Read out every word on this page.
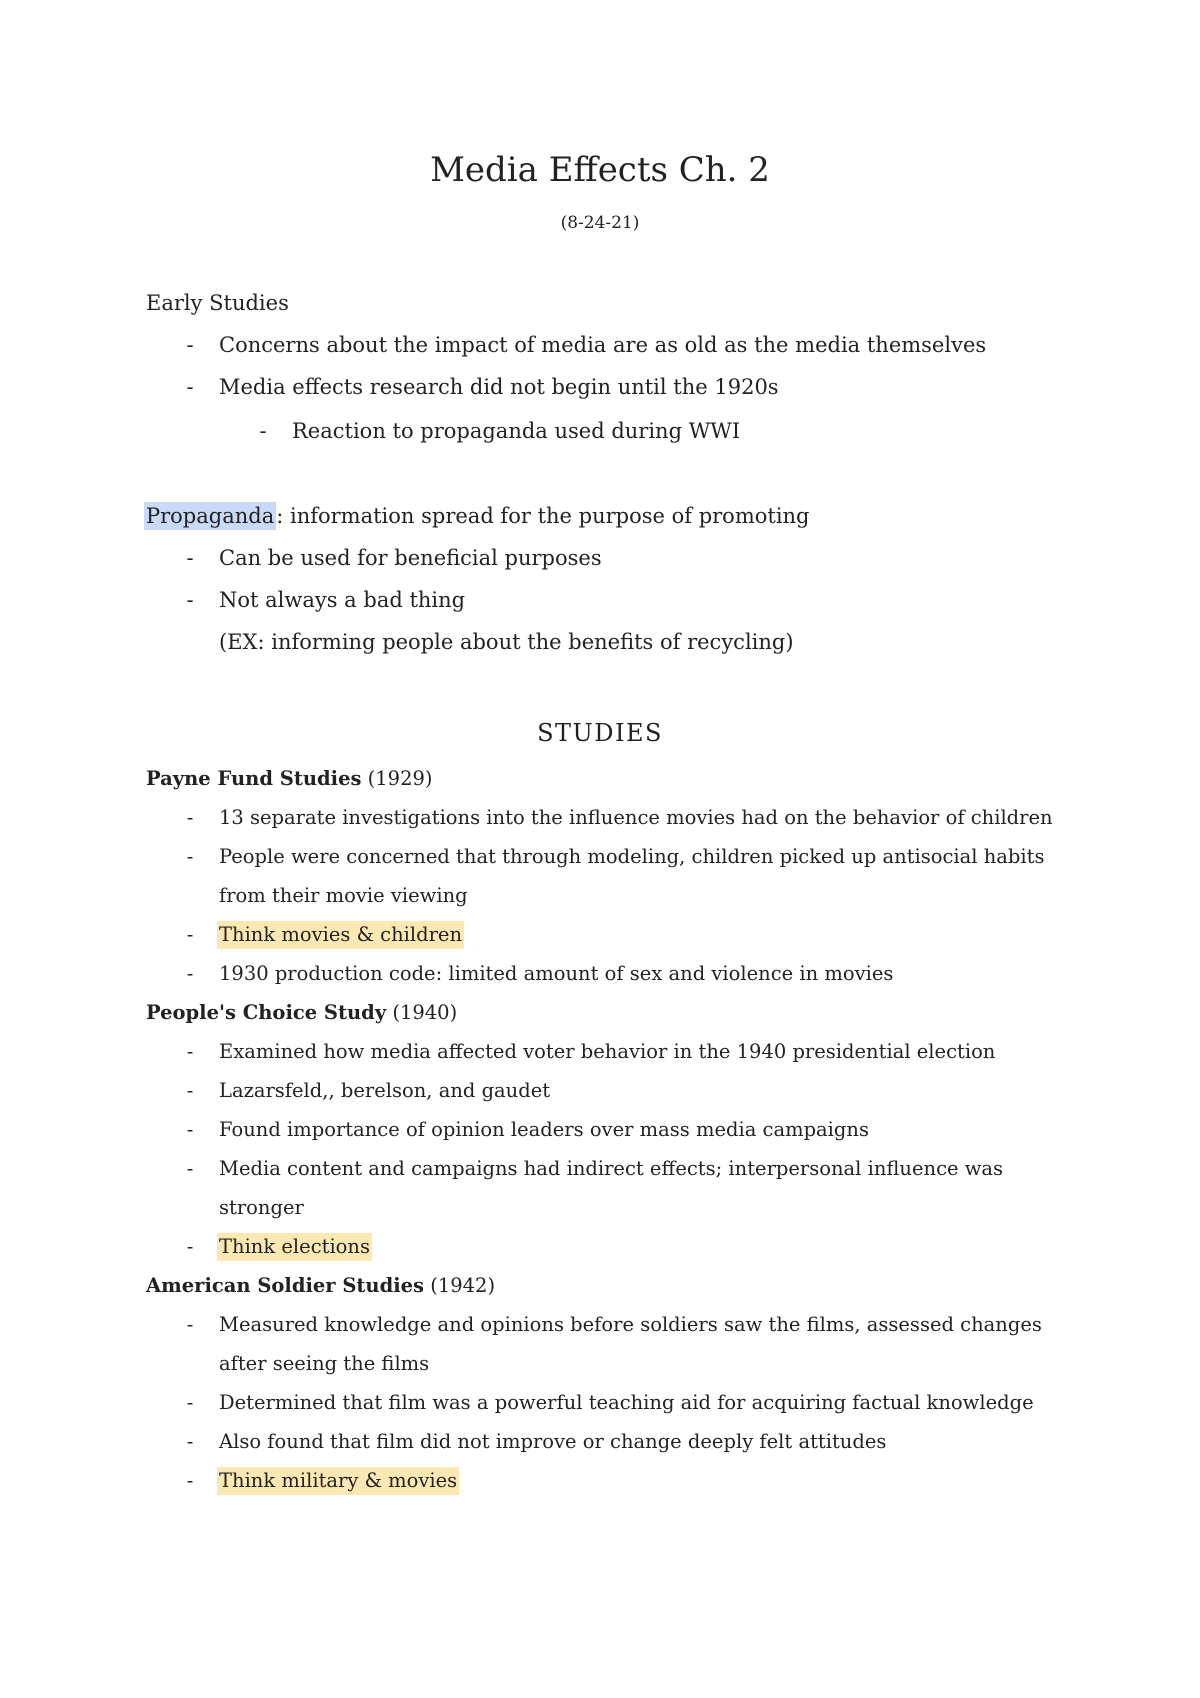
Media Effects Ch. 2
(8-24-21)
Early Studies
-	Concerns about the impact of media are as old as the media themselves
-	Media effects research did not begin until the 1920s
-	Reaction to propaganda used during WWI
Propaganda: information spread for the purpose of promoting
-	Can be used for beneficial purposes
-	Not always a bad thing
(EX: informing people about the benefits of recycling)
STUDIES
Payne Fund Studies (1929)
-	13 separate investigations into the influence movies had on the behavior of children
-	People were concerned that through modeling, children picked up antisocial habits
from their movie viewing
-	Think movies & children
-	1930 production code: limited amount of sex and violence in movies
People's Choice Study (1940)
-	Examined how media affected voter behavior in the 1940 presidential election
-	Lazarsfeld,, berelson, and gaudet
-	Found importance of opinion leaders over mass media campaigns
-	Media content and campaigns had indirect effects; interpersonal influence was
stronger
-	Think elections
American Soldier Studies (1942)
-	Measured knowledge and opinions before soldiers saw the films, assessed changes
after seeing the films
-	Determined that film was a powerful teaching aid for acquiring factual knowledge
-	Also found that film did not improve or change deeply felt attitudes
-	Think military & movies
